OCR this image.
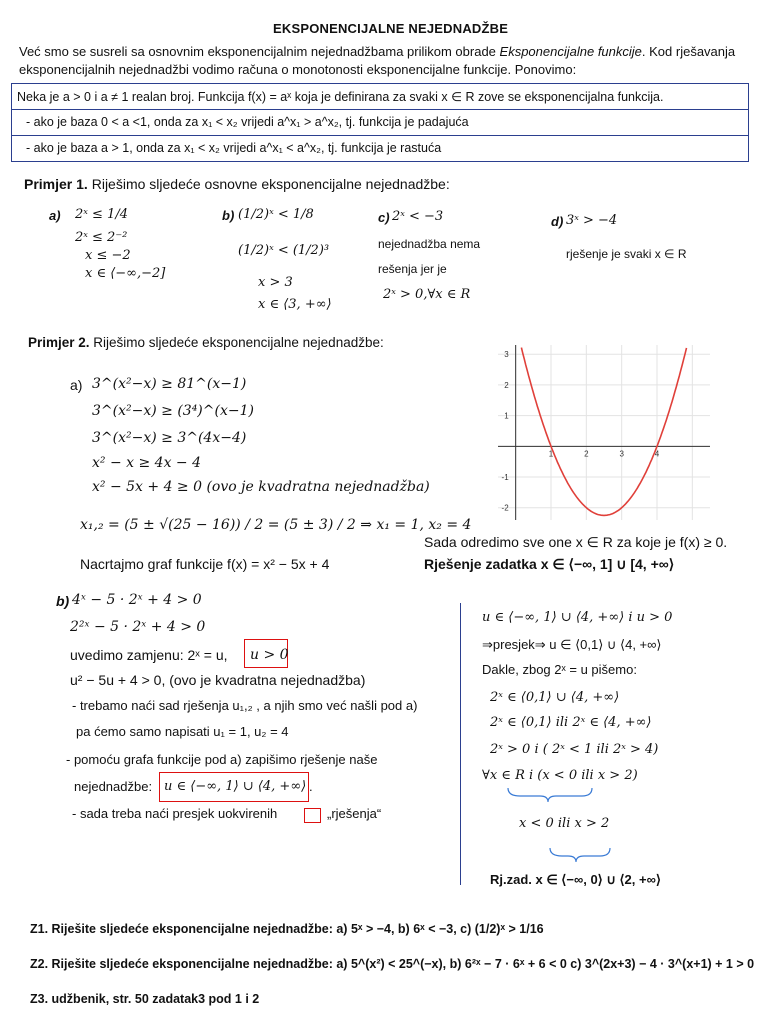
EKSPONENCIJALNE NEJEDNADŽBE
Već smo se susreli sa osnovnim eksponencijalnim nejednadžbama prilikom obrade Eksponencijalne funkcije. Kod rješavanja
eksponencijalnih nejednadžbi vodimo računa o monotonosti eksponencijalne funkcije. Ponovimo:
Neka je a > 0 i a ≠ 1 realan broj. Funkcija f(x) = aˣ koja je definirana za svaki x ∈ R zove se eksponencijalna funkcija.
- ako je baza 0 < a <1, onda za x₁ < x₂ vrijedi a^x₁ > a^x₂, tj. funkcija je padajuća
- ako je baza a > 1, onda za x₁ < x₂ vrijedi a^x₁ < a^x₂, tj. funkcija je rastuća
Primjer 1. Riješimo sljedeće osnovne eksponencijalne nejednadžbe:
a) 2ˣ ≤ 1/4
2ˣ ≤ 2⁻²
x ≤ −2
x ∈ ⟨−∞,−2]
b) (1/2)ˣ < 1/8
(1/2)ˣ < (1/2)³
x > 3
x ∈ ⟨3, +∞⟩
c) 2ˣ < −3
nejednadžba nema
rešenja jer je
2ˣ > 0,∀x ∈ R
d) 3ˣ > −4
rješenje je svaki x ∈ R
Primjer 2. Riješimo sljedeće eksponencijalne nejednadžbe:
a) 3^(x²−x) ≥ 81^(x−1)
3^(x²−x) ≥ (3⁴)^(x−1)
3^(x²−x) ≥ 3^(4x−4)
x² − x ≥ 4x − 4
x² − 5x + 4 ≥ 0 (ovo je kvadratna nejednadžba)
x₁,₂ = (5 ± √(25 − 16)) / 2 = (5 ± 3) / 2 ⇒ x₁ = 1, x₂ = 4
Nacrtajmo graf funkcije f(x) = x² − 5x + 4
Sada odredimo sve one x ∈ R za koje je f(x) ≥ 0.
Rješenje zadatka x ∈ ⟨−∞, 1] ∪ [4, +∞⟩
3
2
1
-1
-2
1	2	3	4
b) 4ˣ − 5 · 2ˣ + 4 > 0
2²ˣ − 5 · 2ˣ + 4 > 0
uvedimo zamjenu: 2ˣ = u, u > 0
u² − 5u + 4 > 0, (ovo je kvadratna nejednadžba)
- trebamo naći sad rješenja u₁,₂ , a njih smo već našli pod a)
pa ćemo samo napisati u₁ = 1, u₂ = 4
- pomoću grafa funkcije pod a) zapišimo rješenje naše
nejednadžbe: u ∈ ⟨−∞, 1⟩ ∪ ⟨4, +∞⟩ .
- sada treba naći presjek uokvirenih	„rješenja“
u ∈ ⟨−∞, 1⟩ ∪ ⟨4, +∞⟩ i u > 0
⇒presjek⇒ u ∈ ⟨0,1⟩ ∪ ⟨4, +∞⟩
Dakle, zbog 2ˣ = u pišemo:
2ˣ ∈ ⟨0,1⟩ ∪ ⟨4, +∞⟩
2ˣ ∈ ⟨0,1⟩ ili 2ˣ ∈ ⟨4, +∞⟩
2ˣ > 0 i ( 2ˣ < 1 ili 2ˣ > 4)
∀x ∈ R i (x < 0 ili x > 2)
x < 0 ili x > 2
Rj.zad. x ∈ ⟨−∞, 0⟩ ∪ ⟨2, +∞⟩
Z1. Riješite sljedeće eksponencijalne nejednadžbe: a) 5ˣ > −4, b) 6ˣ < −3, c) (1/2)ˣ > 1/16
Z2. Riješite sljedeće eksponencijalne nejednadžbe: a) 5^(x²) < 25^(−x), b) 6²ˣ − 7 · 6ˣ + 6 < 0 c) 3^(2x+3) − 4 · 3^(x+1) + 1 > 0
Z3. udžbenik, str. 50 zadatak3 pod 1 i 2
